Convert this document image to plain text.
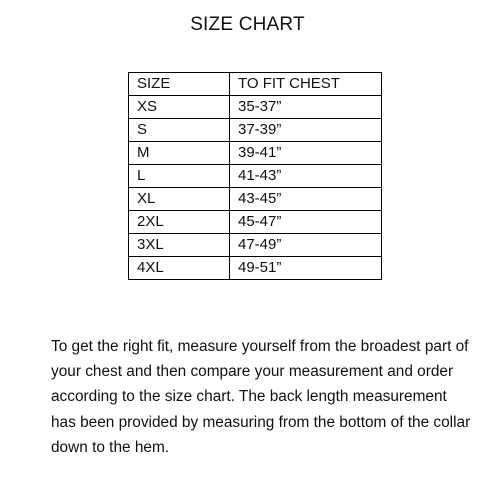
SIZE CHART
SIZE	TO FIT CHEST
XS	35-37”
S	37-39”
M	39-41”
L	41-43”
XL	43-45”
2XL	45-47”
3XL	47-49”
4XL	49-51”

To get the right fit, measure yourself from the broadest part of your chest and then compare your measurement and order according to the size chart. The back length measurement has been provided by measuring from the bottom of the collar down to the hem.
